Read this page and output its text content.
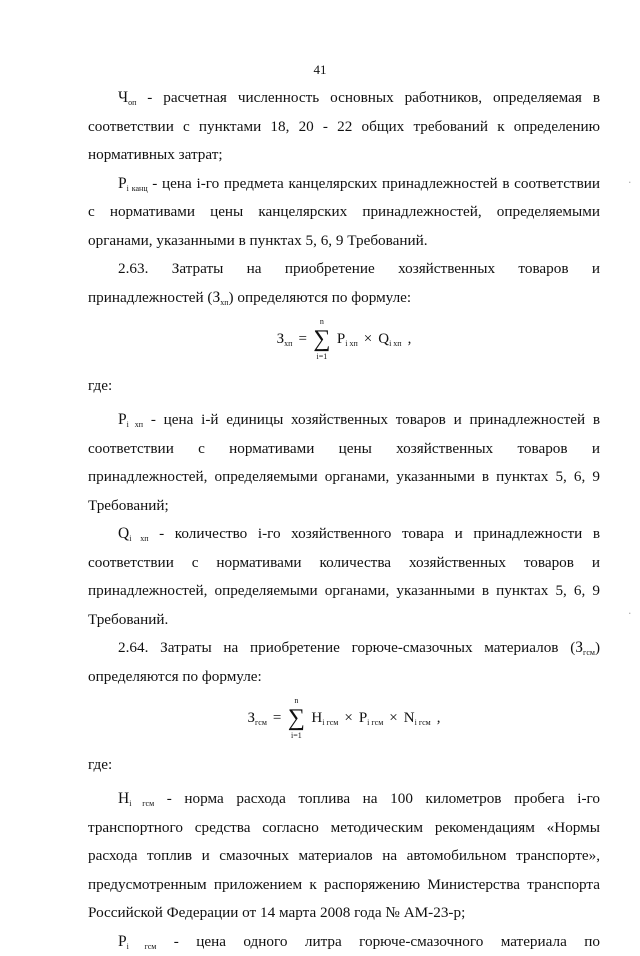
41

$Ч_{оп}$ - расчетная численность основных работников, определяемая в соответствии с пунктами 18, 20 - 22 общих требований к определению нормативных затрат;

$P_{i канц}$ - цена i-го предмета канцелярских принадлежностей в соответствии с нормативами цены канцелярских принадлежностей, определяемыми органами, указанными в пунктах 5, 6, 9 Требований.

2.63. Затраты на приобретение хозяйственных товаров и принадлежностей $(З_{хп})$ определяются по формуле:

$З_{хп}$ = ∑
n
i=1
$P_{i хп} \times Q_{i хп}$ ,
где:

$P_{i хп}$ - цена i-й единицы хозяйственных товаров и принадлежностей в соответствии с нормативами цены хозяйственных товаров и принадлежностей, определяемыми органами, указанными в пунктах 5, 6, 9 Требований;

$Q_{i хп}$ - количество i-го хозяйственного товара и принадлежности в соответствии с нормативами количества хозяйственных товаров и принадлежностей, определяемыми органами, указанными в пунктах 5, 6, 9 Требований.

2.64. Затраты на приобретение горюче-смазочных материалов $(З_{гсм})$ определяются по формуле:

$З_{гсм}$ = ∑
n
i=1
$H_{i гсм} \times P_{i гсм} \times N_{i гсм}$ ,
где:

$H_{i гсм}$ - норма расхода топлива на 100 километров пробега i-го транспортного средства согласно методическим рекомендациям «Нормы расхода топлив и смазочных материалов на автомобильном транспорте», предусмотренным приложением к распоряжению Министерства транспорта Российской Федерации от 14 марта 2008 года № АМ-23-р;

$P_{i гсм}$ - цена одного литра горюче-смазочного материала по

·
·
